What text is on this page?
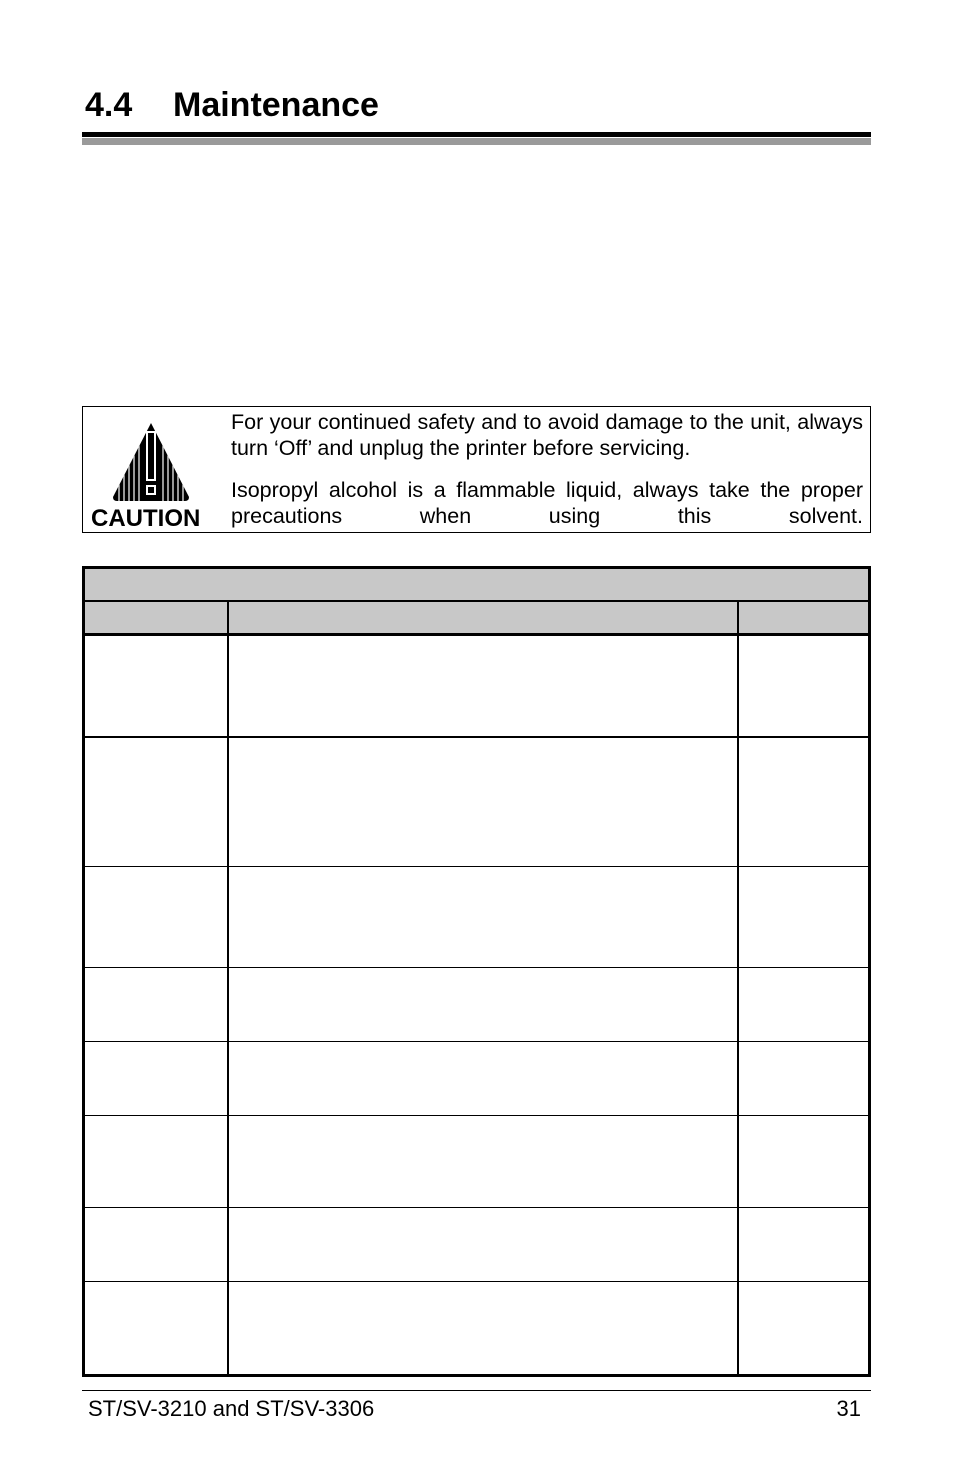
4.4 Maintenance

CAUTION

For your continued safety and to avoid damage to the unit, always turn ‘Off’ and unplug the printer before servicing.

Isopropyl alcohol is a flammable liquid, always take the proper precautions when using this solvent.

ST/SV-3210 and ST/SV-3306	31
